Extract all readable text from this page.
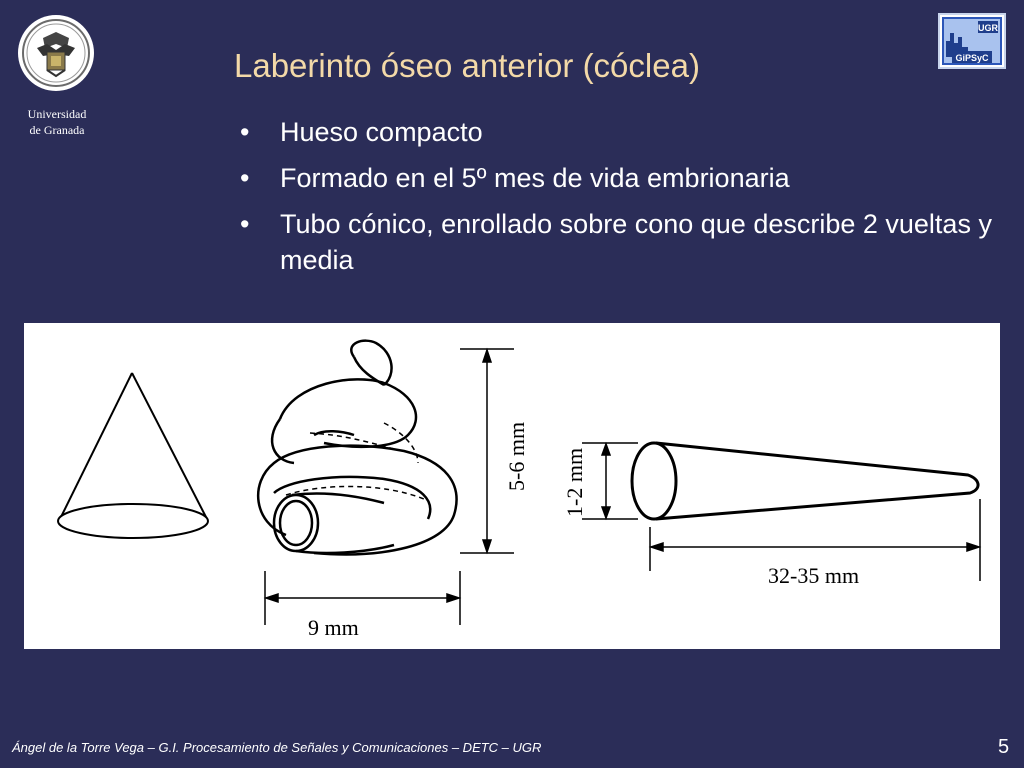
Universidad
de Granada
UGR
GiPSyC
Laberinto óseo anterior (cóclea)
• Hueso compacto
• Formado en el 5º mes de vida embrionaria
• Tubo cónico, enrollado sobre cono que describe 2 vueltas y media
5-6 mm
9 mm
1-2 mm
32-35 mm
Ángel de la Torre Vega – G.I. Procesamiento de Señales y Comunicaciones – DETC – UGR	5
